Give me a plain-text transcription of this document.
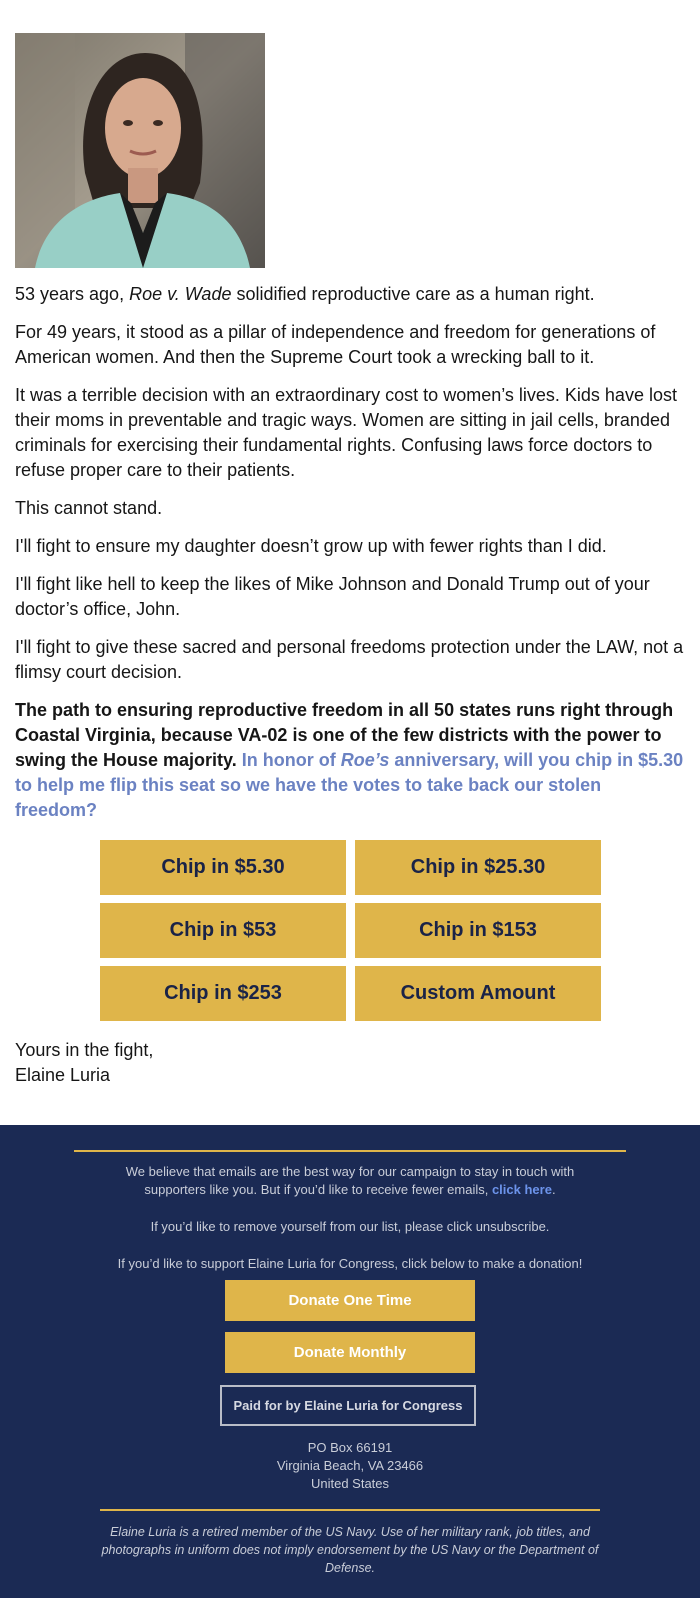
53 years ago, Roe v. Wade solidified reproductive care as a human right.

For 49 years, it stood as a pillar of independence and freedom for generations of American women. And then the Supreme Court took a wrecking ball to it.

It was a terrible decision with an extraordinary cost to women’s lives. Kids have lost their moms in preventable and tragic ways. Women are sitting in jail cells, branded criminals for exercising their fundamental rights. Confusing laws force doctors to refuse proper care to their patients.

This cannot stand.

I'll fight to ensure my daughter doesn’t grow up with fewer rights than I did.

I'll fight like hell to keep the likes of Mike Johnson and Donald Trump out of your doctor’s office, John.

I'll fight to give these sacred and personal freedoms protection under the LAW, not a flimsy court decision.

The path to ensuring reproductive freedom in all 50 states runs right through Coastal Virginia, because VA-02 is one of the few districts with the power to swing the House majority. In honor of Roe’s anniversary, will you chip in $5.30 to help me flip this seat so we have the votes to take back our stolen freedom?

Chip in $5.30	Chip in $25.30
Chip in $53	Chip in $153
Chip in $253	Custom Amount
Yours in the fight,
Elaine Luria
We believe that emails are the best way for our campaign to stay in touch with supporters like you. But if you’d like to receive fewer emails, click here.
If you’d like to remove yourself from our list, please click unsubscribe.
If you’d like to support Elaine Luria for Congress, click below to make a donation!
Donate One Time
Donate Monthly
Paid for by Elaine Luria for Congress
PO Box 66191
Virginia Beach, VA 23466
United States
Elaine Luria is a retired member of the US Navy. Use of her military rank, job titles, and photographs in uniform does not imply endorsement by the US Navy or the Department of Defense.
